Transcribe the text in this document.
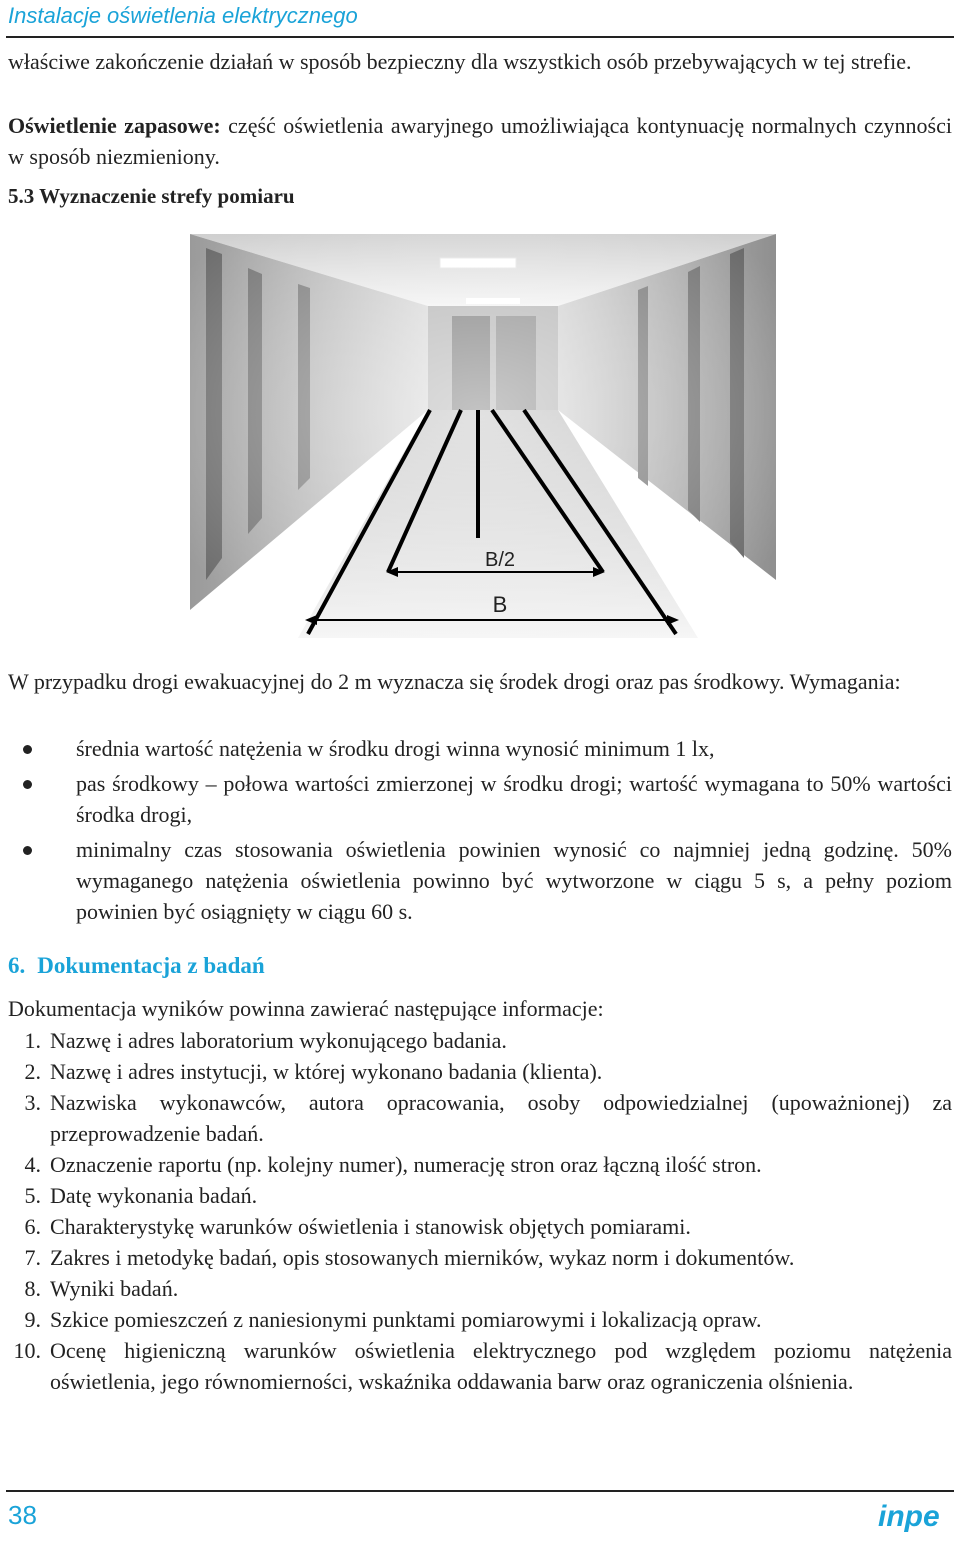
Instalacje oświetlenia elektrycznego

właściwe zakończenie działań w sposób bezpieczny dla wszystkich osób przebywających w tej strefie.

Oświetlenie zapasowe: część oświetlenia awaryjnego umożliwiająca kontynuację normalnych czynności w sposób niezmieniony.

5.3 Wyznaczenie strefy pomiaru
B/2
B

W przypadku drogi ewakuacyjnej do 2 m wyznacza się środek drogi oraz pas środkowy. Wymagania:

średnia wartość natężenia w środku drogi winna wynosić minimum 1 lx,
pas środkowy – połowa wartości zmierzonej w środku drogi; wartość wymagana to 50% wartości środka drogi,
minimalny czas stosowania oświetlenia powinien wynosić co najmniej jedną godzinę. 50% wymaganego natężenia oświetlenia powinno być wytworzone w ciągu 5 s, a pełny poziom powinien być osiągnięty w ciągu 60 s.
6. Dokumentacja z badań

Dokumentacja wyników powinna zawierać następujące informacje:

1. Nazwę i adres laboratorium wykonującego badania.
2. Nazwę i adres instytucji, w której wykonano badania (klienta).
3. Nazwiska wykonawców, autora opracowania, osoby odpowiedzialnej (upoważnionej) za przeprowadzenie badań.
4. Oznaczenie raportu (np. kolejny numer), numerację stron oraz łączną ilość stron.
5. Datę wykonania badań.
6. Charakterystykę warunków oświetlenia i stanowisk objętych pomiarami.
7. Zakres i metodykę badań, opis stosowanych mierników, wykaz norm i dokumentów.
8. Wyniki badań.
9. Szkice pomieszczeń z naniesionymi punktami pomiarowymi i lokalizacją opraw.
10. Ocenę higieniczną warunków oświetlenia elektrycznego pod względem poziomu natężenia oświetlenia, jego równomierności, wskaźnika oddawania barw oraz ograniczenia olśnienia.
38	inpe
